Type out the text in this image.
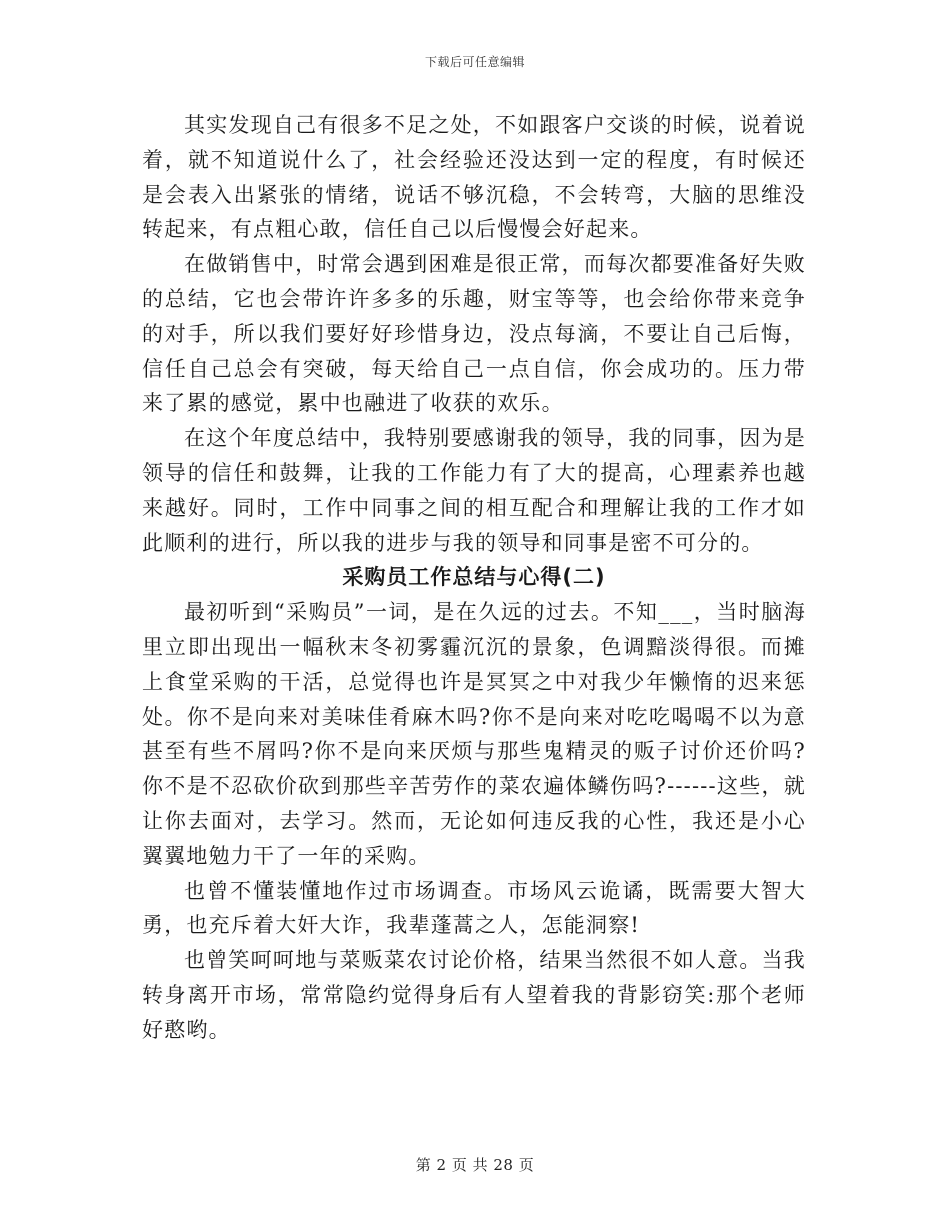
下载后可任意编辑

其实发现自己有很多不足之处，不如跟客户交谈的时候，说着说着，就不知道说什么了，社会经验还没达到一定的程度，有时候还是会表入出紧张的情绪，说话不够沉稳，不会转弯，大脑的思维没转起来，有点粗心敢，信任自己以后慢慢会好起来。

在做销售中，时常会遇到困难是很正常，而每次都要准备好失败的总结，它也会带许许多多的乐趣，财宝等等，也会给你带来竞争的对手，所以我们要好好珍惜身边，没点每滴，不要让自己后悔，信任自己总会有突破，每天给自己一点自信，你会成功的。压力带来了累的感觉，累中也融进了收获的欢乐。

在这个年度总结中，我特别要感谢我的领导，我的同事，因为是领导的信任和鼓舞，让我的工作能力有了大的提高，心理素养也越来越好。同时，工作中同事之间的相互配合和理解让我的工作才如此顺利的进行，所以我的进步与我的领导和同事是密不可分的。

采购员工作总结与心得(二)

最初听到“采购员”一词，是在久远的过去。不知___，当时脑海里立即出现出一幅秋末冬初雾霾沉沉的景象，色调黯淡得很。而摊上食堂采购的干活，总觉得也许是冥冥之中对我少年懒惰的迟来惩处。你不是向来对美味佳肴麻木吗?你不是向来对吃吃喝喝不以为意甚至有些不屑吗?你不是向来厌烦与那些鬼精灵的贩子讨价还价吗?你不是不忍砍价砍到那些辛苦劳作的菜农遍体鳞伤吗?------这些，就让你去面对，去学习。然而，无论如何违反我的心性，我还是小心翼翼地勉力干了一年的采购。

也曾不懂装懂地作过市场调查。市场风云诡谲，既需要大智大勇，也充斥着大奸大诈，我辈蓬蒿之人，怎能洞察!

也曾笑呵呵地与菜贩菜农讨论价格，结果当然很不如人意。当我转身离开市场，常常隐约觉得身后有人望着我的背影窃笑:那个老师好憨哟。

第 2 页 共 28 页
